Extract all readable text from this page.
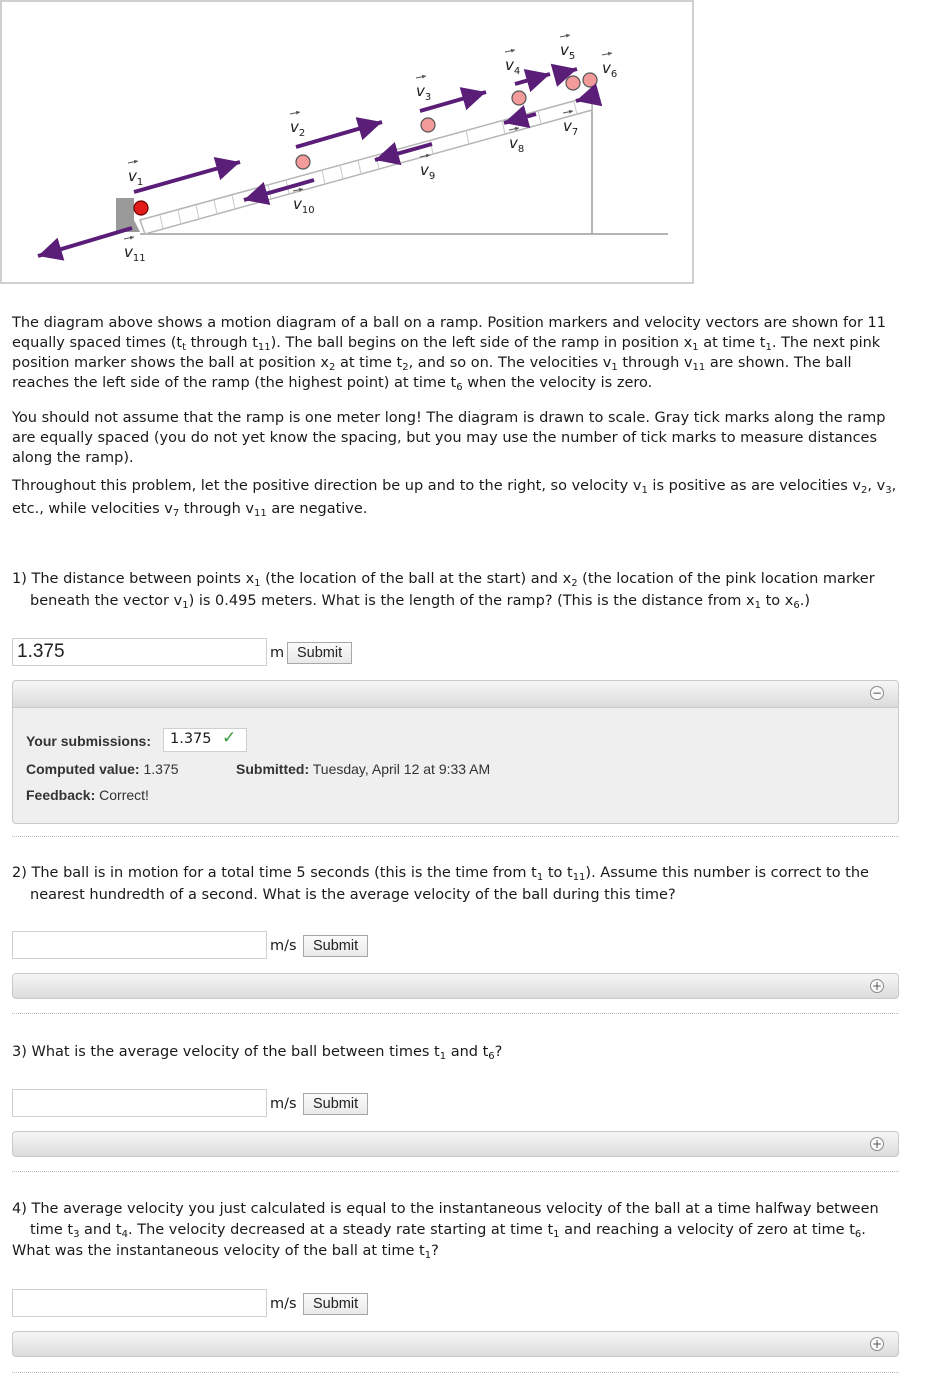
$v_1$
$v_2$
$v_3$
$v_4$
$v_5$
$v_6$
$v_7$
$v_8$
$v_9$
$v_{10}$
$v_{11}$

The diagram above shows a motion diagram of a ball on a ramp. Position markers and velocity vectors are shown for 11 equally spaced times ($t_t$ through $t_{11}$). The ball begins on the left side of the ramp in position $x_1$ at time $t_1$. The next pink position marker shows the ball at position $x_2$ at time $t_2$, and so on. The velocities $v_1$ through $v_{11}$ are shown. The ball reaches the left side of the ramp (the highest point) at time $t_6$ when the velocity is zero.

You should not assume that the ramp is one meter long! The diagram is drawn to scale. Gray tick marks along the ramp are equally spaced (you do not yet know the spacing, but you may use the number of tick marks to measure distances along the ramp).

Throughout this problem, let the positive direction be up and to the right, so velocity $v_1$ is positive as are velocities $v_2$, $v_3$, etc., while velocities $v_7$ through $v_{11}$ are negative.

1) The distance between points $x_1$ (the location of the ball at the start) and $x_2$ (the location of the pink location marker beneath the vector $v_1$) is 0.495 meters. What is the length of the ramp? (This is the distance from $x_1$ to $x_6$.)

1.375
m Submit
−
Your submissions:	1.375 ✓
Computed value: 1.375	Submitted: Tuesday, April 12 at 9:33 AM
Feedback: Correct!

2) The ball is in motion for a total time 5 seconds (this is the time from $t_1$ to $t_{11}$). Assume this number is correct to the nearest hundredth of a second. What is the average velocity of the ball during this time?

m/s	Submit
+

3) What is the average velocity of the ball between times $t_1$ and $t_6$?

m/s	Submit
+

4) The average velocity you just calculated is equal to the instantaneous velocity of the ball at a time halfway between time $t_3$ and $t_4$. The velocity decreased at a steady rate starting at time $t_1$ and reaching a velocity of zero at time $t_6$.
What was the instantaneous velocity of the ball at time $t_1$?

m/s	Submit
+
